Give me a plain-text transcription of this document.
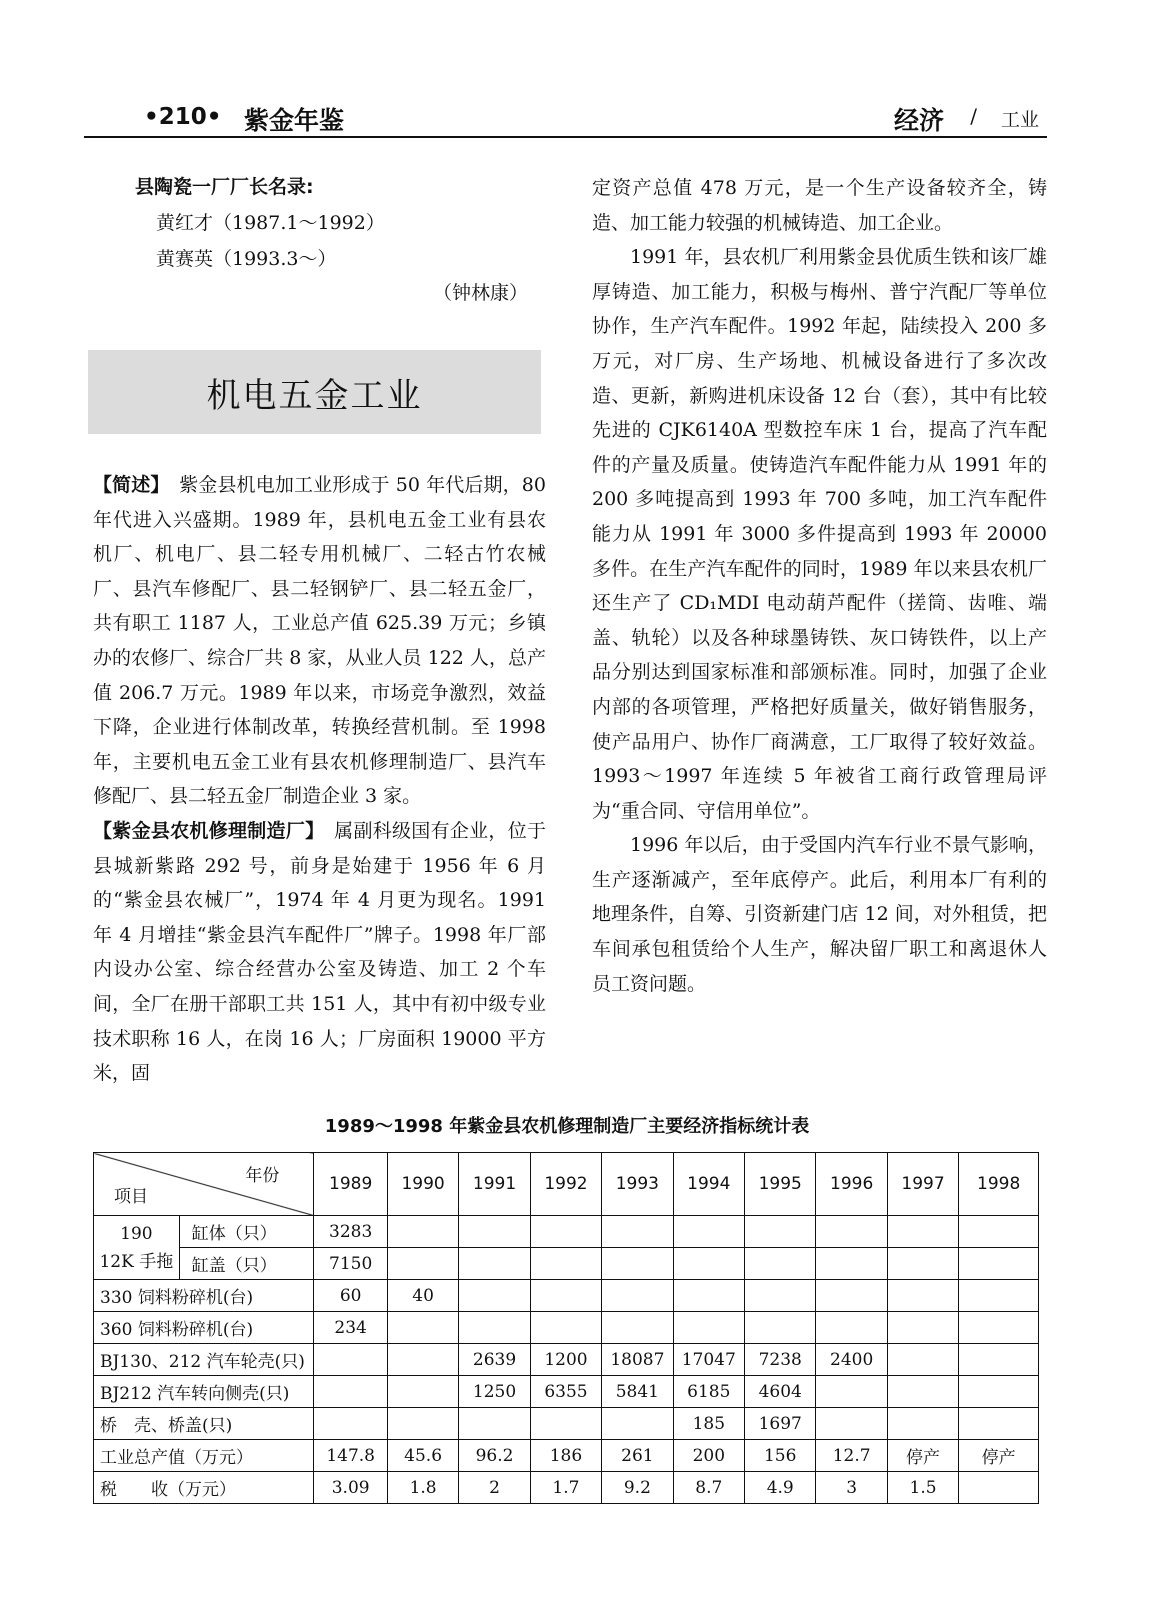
•210• 紫金年鉴	经济 / 工业
县陶瓷一厂厂长名录:
黄红才（1987.1～1992）
黄赛英（1993.3～）
（钟林康）
机电五金工业

【简述】　紫金县机电加工业形成于 50 年代后期，80 年代进入兴盛期。1989 年，县机电五金工业有县农机厂、机电厂、县二轻专用机械厂、二轻古竹农械厂、县汽车修配厂、县二轻钢铲厂、县二轻五金厂，共有职工 1187 人，工业总产值 625.39 万元；乡镇办的农修厂、综合厂共 8 家，从业人员 122 人，总产值 206.7 万元。1989 年以来，市场竞争激烈，效益下降，企业进行体制改革，转换经营机制。至 1998 年，主要机电五金工业有县农机修理制造厂、县汽车修配厂、县二轻五金厂制造企业 3 家。

【紫金县农机修理制造厂】　属副科级国有企业，位于县城新紫路 292 号，前身是始建于 1956 年 6 月的“紫金县农械厂”，1974 年 4 月更为现名。1991 年 4 月增挂“紫金县汽车配件厂”牌子。1998 年厂部内设办公室、综合经营办公室及铸造、加工 2 个车间，全厂在册干部职工共 151 人，其中有初中级专业技术职称 16 人，在岗 16 人；厂房面积 19000 平方米，固

定资产总值 478 万元，是一个生产设备较齐全，铸造、加工能力较强的机械铸造、加工企业。

1991 年，县农机厂利用紫金县优质生铁和该厂雄厚铸造、加工能力，积极与梅州、普宁汽配厂等单位协作，生产汽车配件。1992 年起，陆续投入 200 多万元，对厂房、生产场地、机械设备进行了多次改造、更新，新购进机床设备 12 台（套），其中有比较先进的 CJK6140A 型数控车床 1 台，提高了汽车配件的产量及质量。使铸造汽车配件能力从 1991 年的 200 多吨提高到 1993 年 700 多吨，加工汽车配件能力从 1991 年 3000 多件提高到 1993 年 20000 多件。在生产汽车配件的同时，1989 年以来县农机厂还生产了 CD₁MDI 电动葫芦配件（搓筒、齿唯、端盖、轨轮）以及各种球墨铸铁、灰口铸铁件，以上产品分别达到国家标准和部颁标准。同时，加强了企业内部的各项管理，严格把好质量关，做好销售服务，使产品用户、协作厂商满意，工厂取得了较好效益。1993～1997 年连续 5 年被省工商行政管理局评为“重合同、守信用单位”。

1996 年以后，由于受国内汽车行业不景气影响，生产逐渐减产，至年底停产。此后，利用本厂有利的地理条件，自筹、引资新建门店 12 间，对外租赁，把车间承包租赁给个人生产，解决留厂职工和离退休人员工资问题。

1989～1998 年紫金县农机修理制造厂主要经济指标统计表
年份
项目		1989	1990	1991	1992	1993	1994	1995	1996	1997	1998
190
12K 手拖	缸体（只）	3283									
	缸盖（只）	7150									
330 饲料粉碎机(台)		60	40								
360 饲料粉碎机(台)		234									
BJ130、212 汽车轮壳(只)				2639	1200	18087	17047	7238	2400		
BJ212 汽车转向侧壳(只)				1250	6355	5841	6185	4604			
桥　壳、桥盖(只)							185	1697			
工业总产值（万元）		147.8	45.6	96.2	186	261	200	156	12.7	停产	停产
税　　收（万元）		3.09	1.8	2	1.7	9.2	8.7	4.9	3	1.5	
